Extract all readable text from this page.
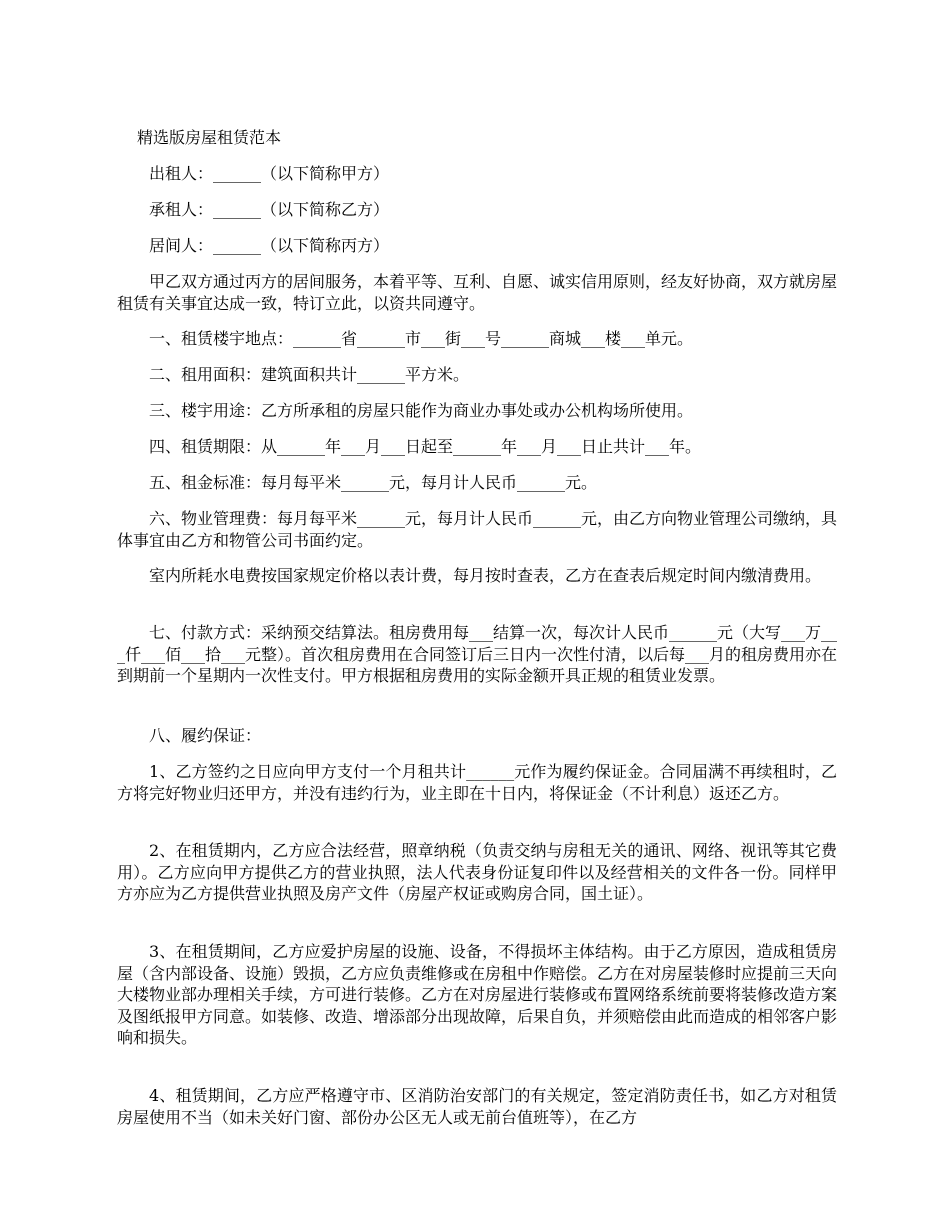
精选版房屋租赁范本

出租人：______（以下简称甲方）

承租人：______（以下简称乙方）

居间人：______（以下简称丙方）

甲乙双方通过丙方的居间服务，本着平等、互利、自愿、诚实信用原则，经友好协商，双方就房屋租赁有关事宜达成一致，特订立此，以资共同遵守。

一、租赁楼宇地点：______省______市___街___号______商城___楼___单元。

二、租用面积：建筑面积共计______平方米。

三、楼宇用途：乙方所承租的房屋只能作为商业办事处或办公机构场所使用。

四、租赁期限：从______年___月___日起至______年___月___日止共计___年。

五、租金标准：每月每平米______元，每月计人民币______元。

六、物业管理费：每月每平米______元，每月计人民币______元，由乙方向物业管理公司缴纳，具体事宜由乙方和物管公司书面约定。

室内所耗水电费按国家规定价格以表计费，每月按时查表，乙方在查表后规定时间内缴清费用。

七、付款方式：采纳预交结算法。租房费用每___结算一次，每次计人民币______元（大写___万___仟___佰___拾___元整）。首次租房费用在合同签订后三日内一次性付清，以后每___月的租房费用亦在到期前一个星期内一次性支付。甲方根据租房费用的实际金额开具正规的租赁业发票。

八、履约保证：

1、乙方签约之日应向甲方支付一个月租共计______元作为履约保证金。合同届满不再续租时，乙方将完好物业归还甲方，并没有违约行为，业主即在十日内，将保证金（不计利息）返还乙方。

2、在租赁期内，乙方应合法经营，照章纳税（负责交纳与房租无关的通讯、网络、视讯等其它费用）。乙方应向甲方提供乙方的营业执照，法人代表身份证复印件以及经营相关的文件各一份。同样甲方亦应为乙方提供营业执照及房产文件（房屋产权证或购房合同，国土证）。

3、在租赁期间，乙方应爱护房屋的设施、设备，不得损坏主体结构。由于乙方原因，造成租赁房屋（含内部设备、设施）毁损，乙方应负责维修或在房租中作赔偿。乙方在对房屋装修时应提前三天向大楼物业部办理相关手续，方可进行装修。乙方在对房屋进行装修或布置网络系统前要将装修改造方案及图纸报甲方同意。如装修、改造、增添部分出现故障，后果自负，并须赔偿由此而造成的相邻客户影响和损失。

4、租赁期间，乙方应严格遵守市、区消防治安部门的有关规定，签定消防责任书，如乙方对租赁房屋使用不当（如未关好门窗、部份办公区无人或无前台值班等），在乙方
